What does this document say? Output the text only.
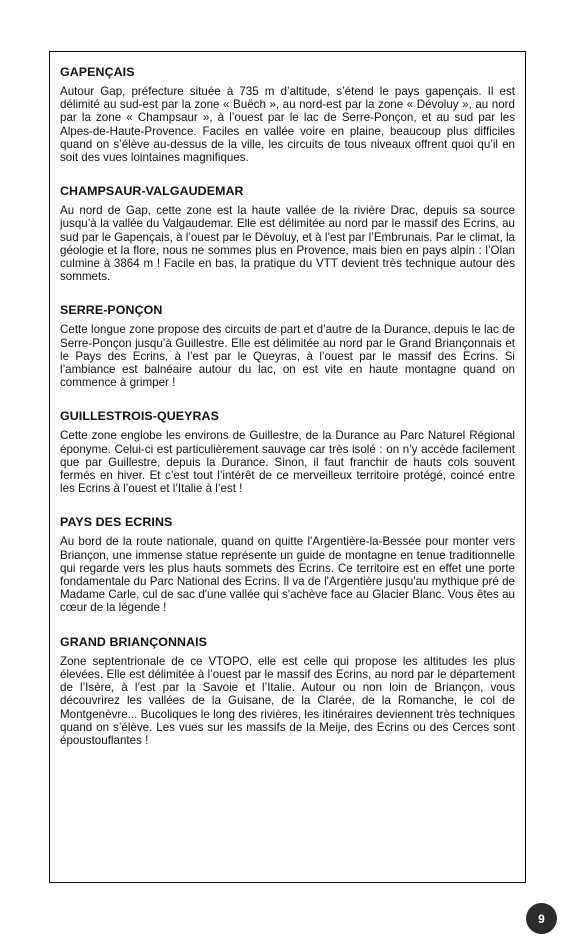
GAPENÇAIS

Autour Gap, préfecture située à 735 m d’altitude, s’étend le pays gapençais. Il est délimité au sud-est par la zone « Buëch », au nord-est par la zone « Dévoluy », au nord par la zone « Champsaur », à l’ouest par le lac de Serre-Ponçon, et au sud par les Alpes-de-Haute-Provence. Faciles en vallée voire en plaine, beaucoup plus difficiles quand on s’élève au-dessus de la ville, les circuits de tous niveaux offrent quoi qu’il en soit des vues lointaines magnifiques.

CHAMPSAUR-VALGAUDEMAR

Au nord de Gap, cette zone est la haute vallée de la rivière Drac, depuis sa source jusqu’à la vallée du Valgaudemar. Elle est délimitée au nord par le massif des Ecrins, au sud par le Gapençais, à l’ouest par le Dévoluy, et à l’est par l’Embrunais. Par le climat, la géologie et la flore, nous ne sommes plus en Provence, mais bien en pays alpin : l’Olan culmine à 3864 m ! Facile en bas, la pratique du VTT devient très technique autour des sommets.

SERRE-PONÇON

Cette longue zone propose des circuits de part et d’autre de la Durance, depuis le lac de Serre-Ponçon jusqu’à Guillestre. Elle est délimitée au nord par le Grand Briançonnais et le Pays des Ecrins, à l’est par le Queyras, à l’ouest par le massif des Ecrins. Si l’ambiance est balnéaire autour du lac, on est vite en haute montagne quand on commence à grimper !

GUILLESTROIS-QUEYRAS

Cette zone englobe les environs de Guillestre, de la Durance au Parc Naturel Régional éponyme. Celui-ci est particulièrement sauvage car très isolé : on n’y accède facilement que par Guillestre, depuis la Durance. Sinon, il faut franchir de hauts cols souvent fermés en hiver. Et c’est tout l’intérêt de ce merveilleux territoire protégé, coincé entre les Ecrins à l’ouest et l’Italie à l’est !

PAYS DES ECRINS

Au bord de la route nationale, quand on quitte l'Argentière-la-Bessée pour monter vers Briançon, une immense statue représente un guide de montagne en tenue traditionnelle qui regarde vers les plus hauts sommets des Ecrins. Ce territoire est en effet une porte fondamentale du Parc National des Ecrins. Il va de l'Argentière jusqu'au mythique pré de Madame Carle, cul de sac d'une vallée qui s'achève face au Glacier Blanc. Vous êtes au cœur de la légende !

GRAND BRIANÇONNAIS

Zone septentrionale de ce VTOPO, elle est celle qui propose les altitudes les plus élevées. Elle est délimitée à l’ouest par le massif des Ecrins, au nord par le département de l’Isère, à l’est par la Savoie et l’Italie. Autour ou non loin de Briançon, vous découvrirez les vallées de la Guisane, de la Clarée, de la Romanche, le col de Montgenèvre... Bucoliques le long des rivières, les itinéraires deviennent très techniques quand on s’élève. Les vues sur les massifs de la Meije, des Ecrins ou des Cerces sont époustouflantes !

9
